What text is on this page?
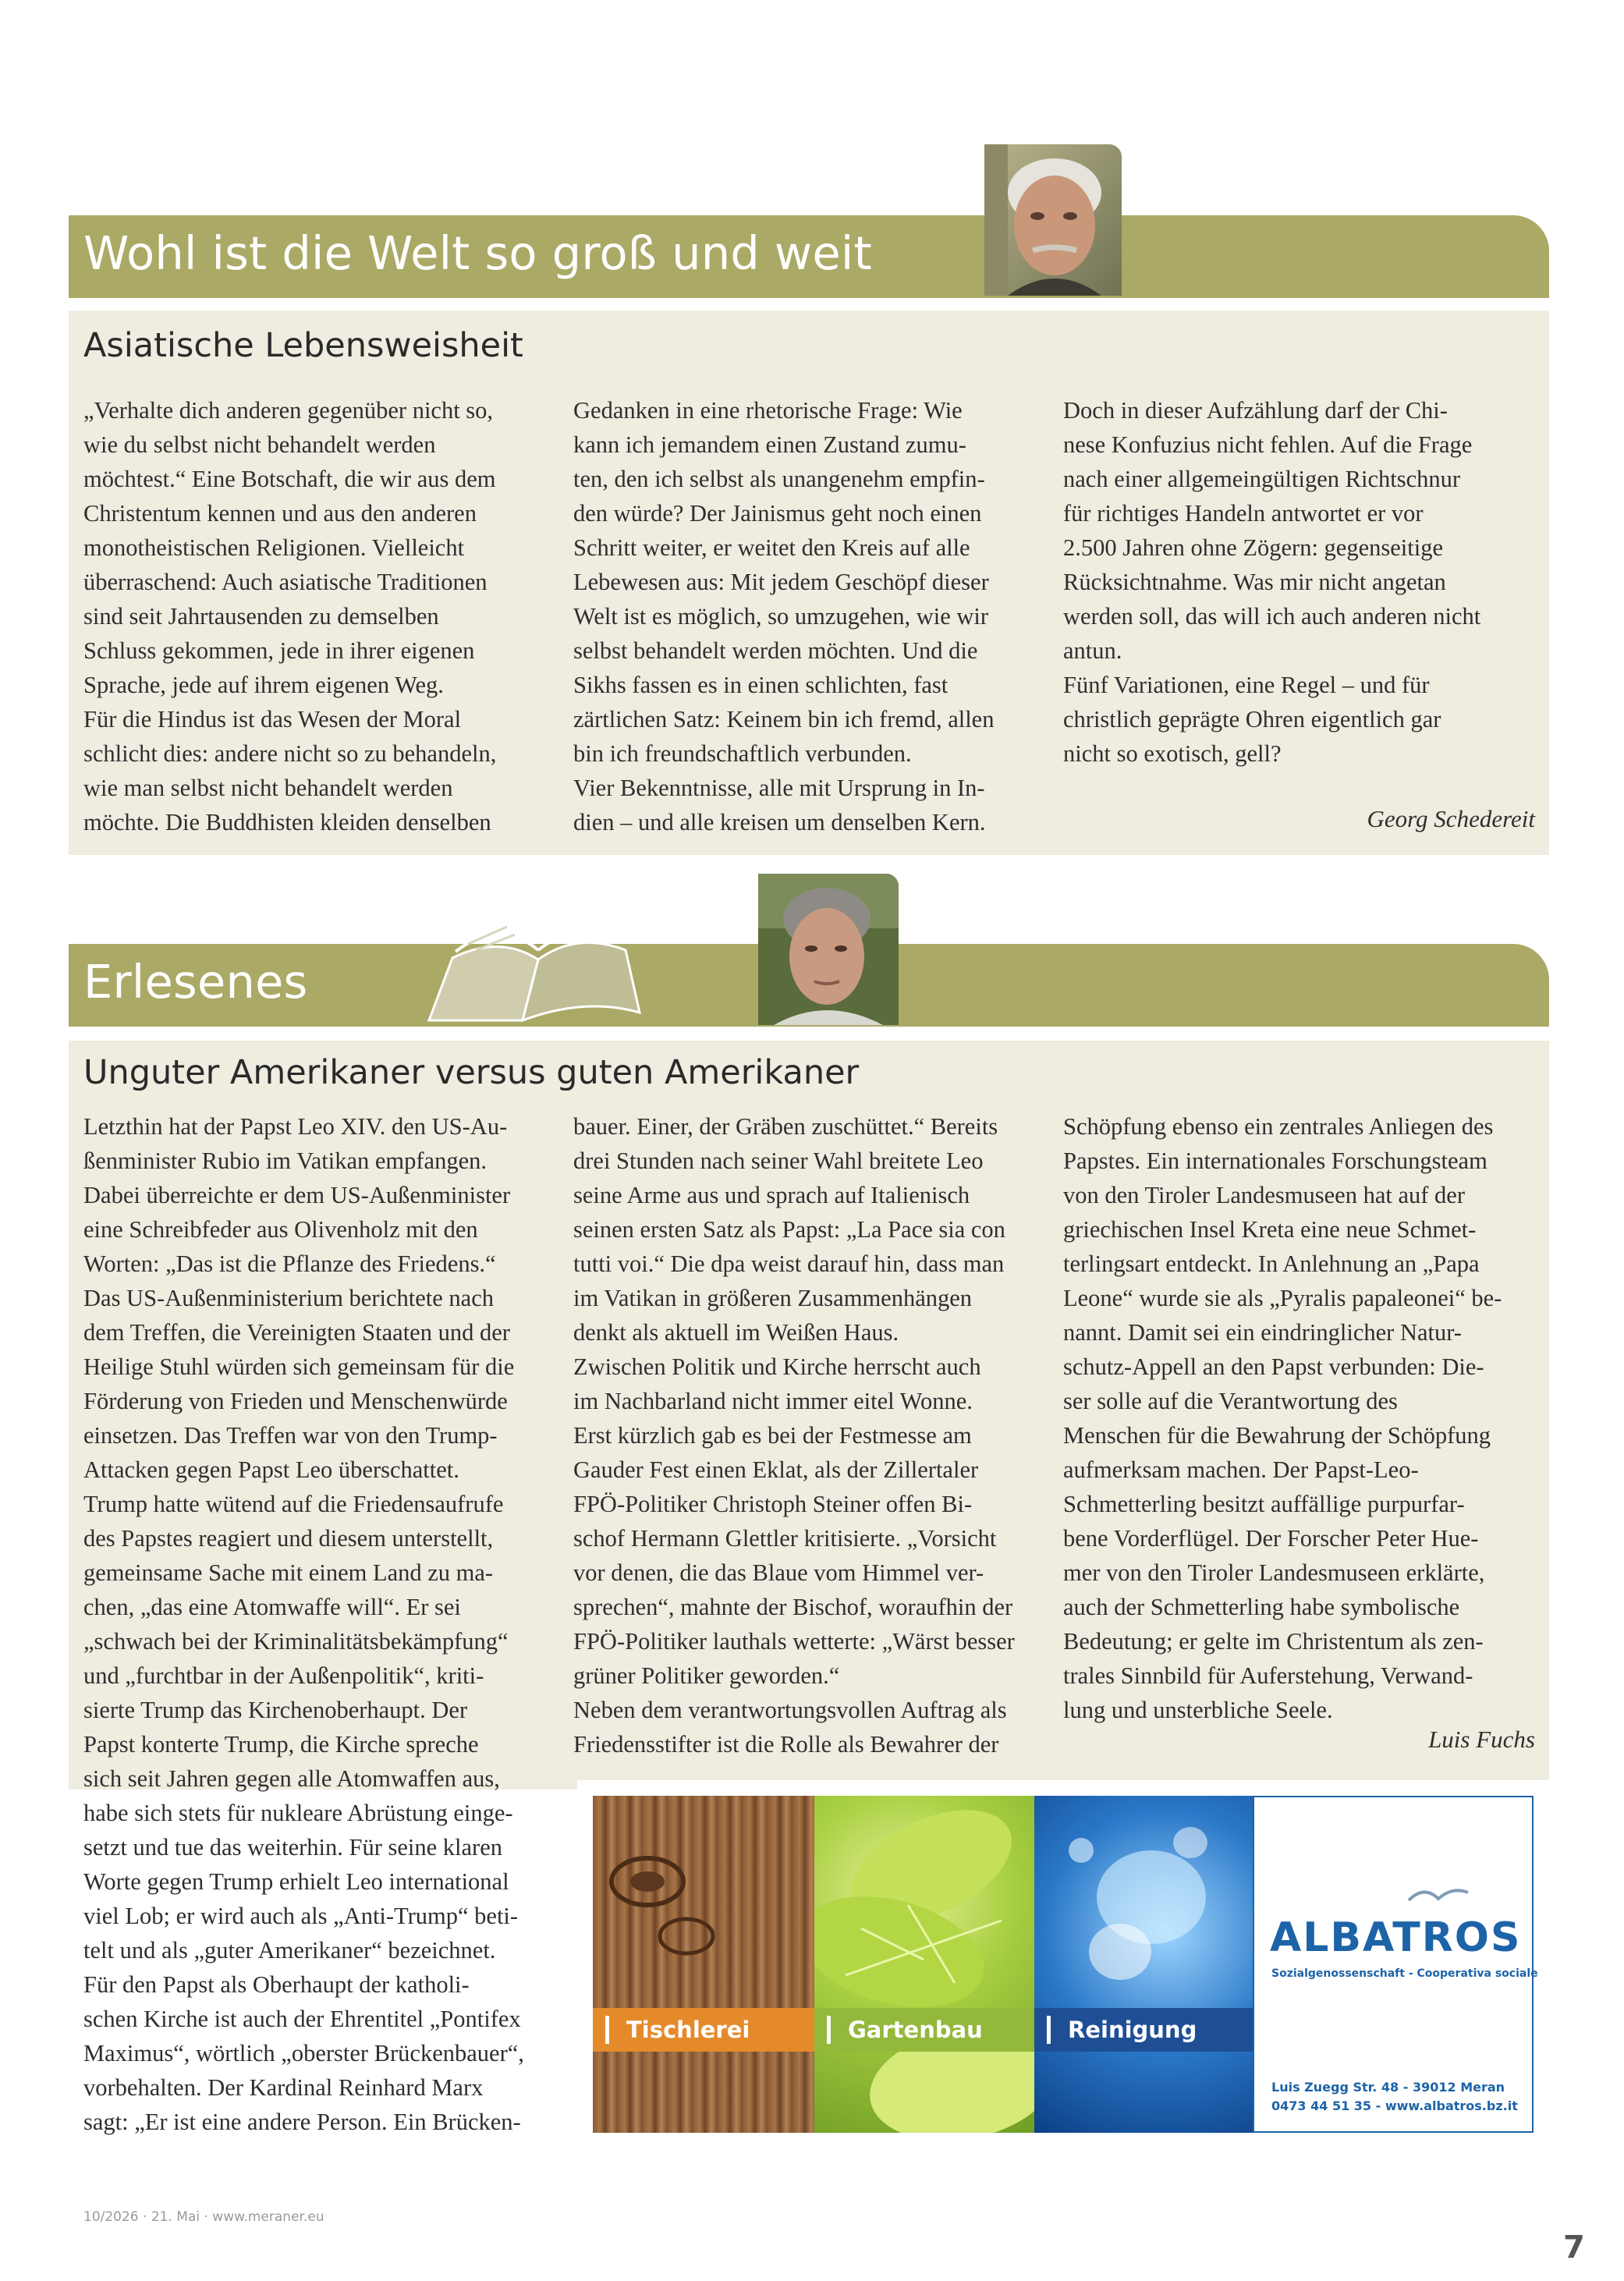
Wohl ist die Welt so groß und weit
Asiatische Lebensweisheit
„Verhalte dich anderen gegenüber nicht so,
wie du selbst nicht behandelt werden
möchtest.“ Eine Botschaft, die wir aus dem
Christentum kennen und aus den anderen
monotheistischen Religionen. Vielleicht
überraschend: Auch asiatische Traditionen
sind seit Jahrtausenden zu demselben
Schluss gekommen, jede in ihrer eigenen
Sprache, jede auf ihrem eigenen Weg.
Für die Hindus ist das Wesen der Moral
schlicht dies: andere nicht so zu behandeln,
wie man selbst nicht behandelt werden
möchte. Die Buddhisten kleiden denselben
Gedanken in eine rhetorische Frage: Wie
kann ich jemandem einen Zustand zumu-
ten, den ich selbst als unangenehm empfin-
den würde? Der Jainismus geht noch einen
Schritt weiter, er weitet den Kreis auf alle
Lebewesen aus: Mit jedem Geschöpf dieser
Welt ist es möglich, so umzugehen, wie wir
selbst behandelt werden möchten. Und die
Sikhs fassen es in einen schlichten, fast
zärtlichen Satz: Keinem bin ich fremd, allen
bin ich freundschaftlich verbunden.
Vier Bekenntnisse, alle mit Ursprung in In-
dien – und alle kreisen um denselben Kern.
Doch in dieser Aufzählung darf der Chi-
nese Konfuzius nicht fehlen. Auf die Frage
nach einer allgemeingültigen Richtschnur
für richtiges Handeln antwortet er vor
2.500 Jahren ohne Zögern: gegenseitige
Rücksichtnahme. Was mir nicht angetan
werden soll, das will ich auch anderen nicht
antun.
Fünf Variationen, eine Regel – und für
christlich geprägte Ohren eigentlich gar
nicht so exotisch, gell?
Georg Schedereit
Erlesenes
Unguter Amerikaner versus guten Amerikaner
Letzthin hat der Papst Leo XIV. den US-Au-
ßenminister Rubio im Vatikan empfangen.
Dabei überreichte er dem US-Außenminister
eine Schreibfeder aus Olivenholz mit den
Worten: „Das ist die Pflanze des Friedens.“
Das US-Außenministerium berichtete nach
dem Treffen, die Vereinigten Staaten und der
Heilige Stuhl würden sich gemeinsam für die
Förderung von Frieden und Menschenwürde
einsetzen. Das Treffen war von den Trump-
Attacken gegen Papst Leo überschattet.
Trump hatte wütend auf die Friedensaufrufe
des Papstes reagiert und diesem unterstellt,
gemeinsame Sache mit einem Land zu ma-
chen, „das eine Atomwaffe will“. Er sei
„schwach bei der Kriminalitätsbekämpfung“
und „furchtbar in der Außenpolitik“, kriti-
sierte Trump das Kirchenoberhaupt. Der
Papst konterte Trump, die Kirche spreche
sich seit Jahren gegen alle Atomwaffen aus,
habe sich stets für nukleare Abrüstung einge-
setzt und tue das weiterhin. Für seine klaren
Worte gegen Trump erhielt Leo international
viel Lob; er wird auch als „Anti-Trump“ beti-
telt und als „guter Amerikaner“ bezeichnet.
Für den Papst als Oberhaupt der katholi-
schen Kirche ist auch der Ehrentitel „Pontifex
Maximus“, wörtlich „oberster Brückenbauer“,
vorbehalten. Der Kardinal Reinhard Marx
sagt: „Er ist eine andere Person. Ein Brücken-
bauer. Einer, der Gräben zuschüttet.“ Bereits
drei Stunden nach seiner Wahl breitete Leo
seine Arme aus und sprach auf Italienisch
seinen ersten Satz als Papst: „La Pace sia con
tutti voi.“ Die dpa weist darauf hin, dass man
im Vatikan in größeren Zusammenhängen
denkt als aktuell im Weißen Haus.
Zwischen Politik und Kirche herrscht auch
im Nachbarland nicht immer eitel Wonne.
Erst kürzlich gab es bei der Festmesse am
Gauder Fest einen Eklat, als der Zillertaler
FPÖ-Politiker Christoph Steiner offen Bi-
schof Hermann Glettler kritisierte. „Vorsicht
vor denen, die das Blaue vom Himmel ver-
sprechen“, mahnte der Bischof, woraufhin der
FPÖ-Politiker lauthals wetterte: „Wärst besser
grüner Politiker geworden.“
Neben dem verantwortungsvollen Auftrag als
Friedensstifter ist die Rolle als Bewahrer der
Schöpfung ebenso ein zentrales Anliegen des
Papstes. Ein internationales Forschungsteam
von den Tiroler Landesmuseen hat auf der
griechischen Insel Kreta eine neue Schmet-
terlingsart entdeckt. In Anlehnung an „Papa
Leone“ wurde sie als „Pyralis papaleonei“ be-
nannt. Damit sei ein eindringlicher Natur-
schutz-Appell an den Papst verbunden: Die-
ser solle auf die Verantwortung des
Menschen für die Bewahrung der Schöpfung
aufmerksam machen. Der Papst-Leo-
Schmetterling besitzt auffällige purpurfar-
bene Vorderflügel. Der Forscher Peter Hue-
mer von den Tiroler Landesmuseen erklärte,
auch der Schmetterling habe symbolische
Bedeutung; er gelte im Christentum als zen-
trales Sinnbild für Auferstehung, Verwand-
lung und unsterbliche Seele.
Luis Fuchs
Tischlerei	Gartenbau	Reinigung
ALBATROS
Sozialgenossenschaft - Cooperativa sociale
Luis Zuegg Str. 48 - 39012 Meran
0473 44 51 35 - www.albatros.bz.it
10/2026 · 21. Mai · www.meraner.eu
7
